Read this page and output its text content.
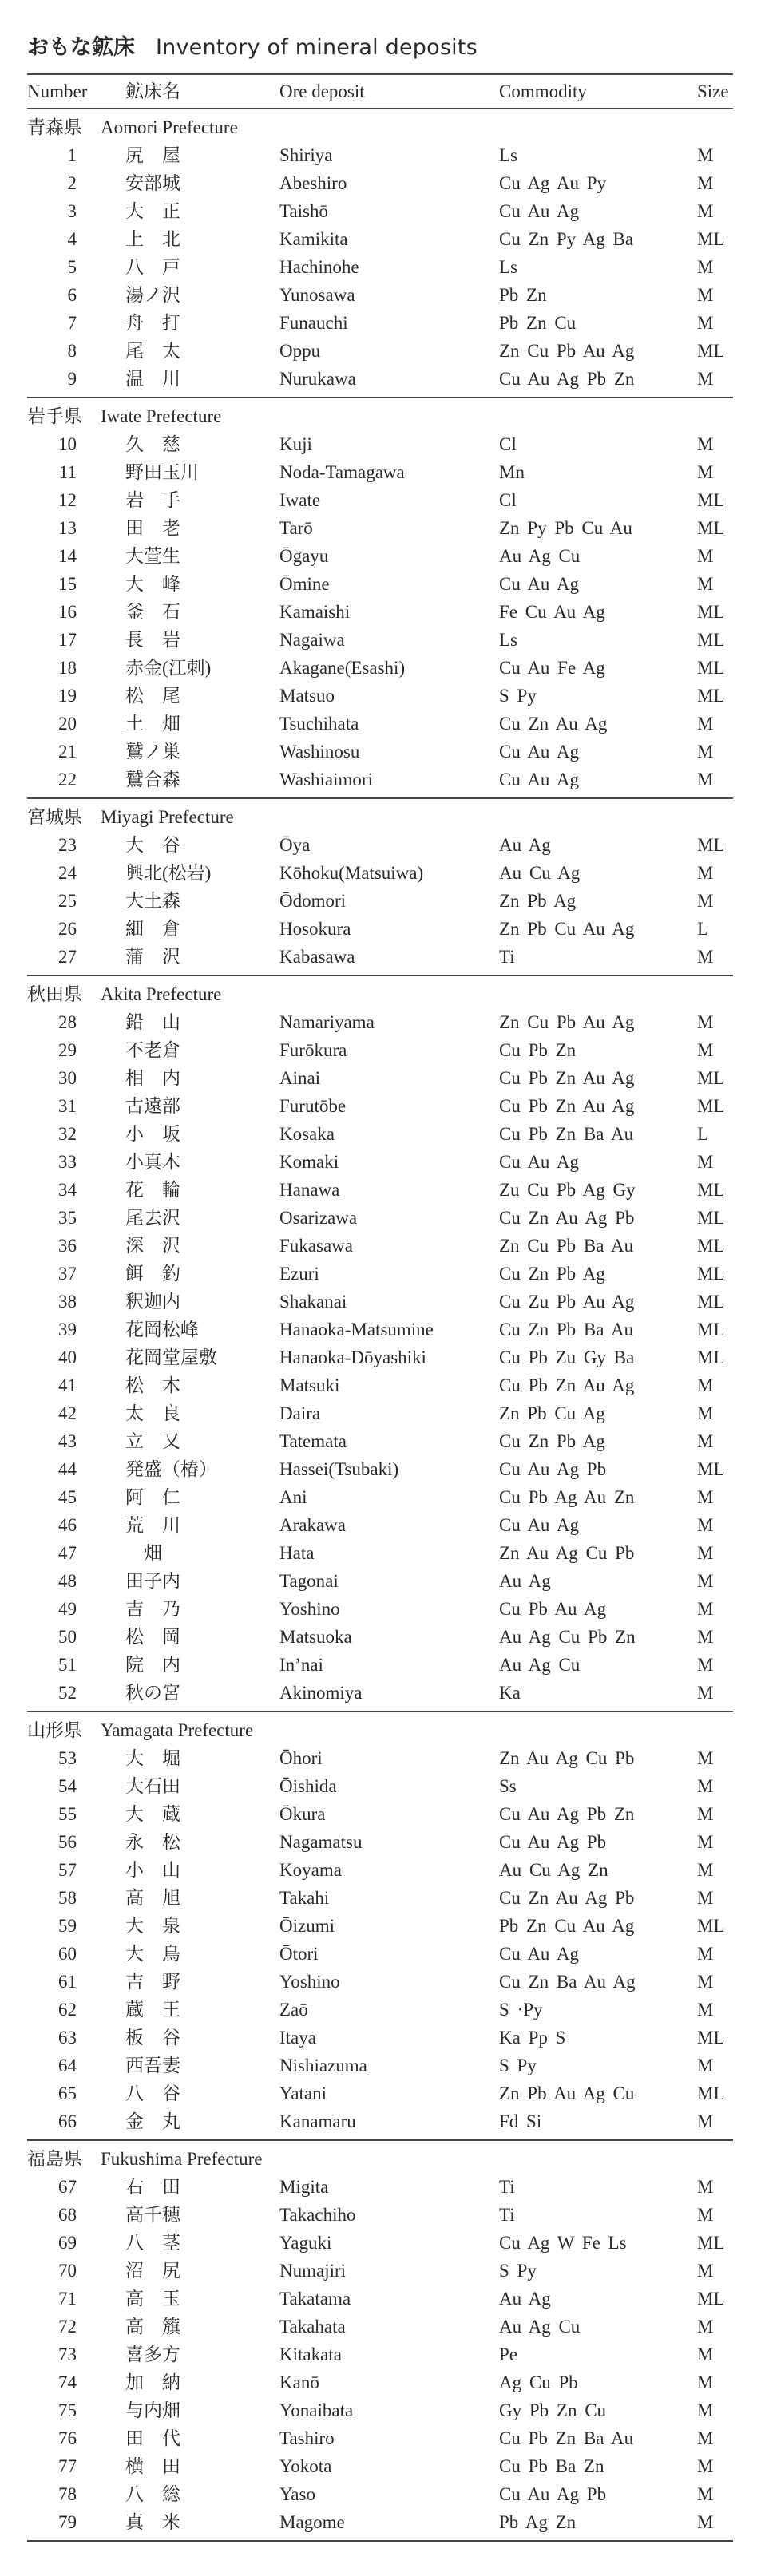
おもな鉱床 Inventory of mineral deposits
Number 鉱床名	Ore deposit	Commodity	Size
青森県 Aomori Prefecture
1	尻　屋	Shiriya	Ls	M
2	安部城	Abeshiro	Cu Ag Au Py	M
3	大　正	Taishō	Cu Au Ag	M
4	上　北	Kamikita	Cu Zn Py Ag Ba	ML
5	八　戸	Hachinohe	Ls	M
6	湯ノ沢	Yunosawa	Pb Zn	M
7	舟　打	Funauchi	Pb Zn Cu	M
8	尾　太	Oppu	Zn Cu Pb Au Ag	ML
9	温　川	Nurukawa	Cu Au Ag Pb Zn	M
岩手県 Iwate Prefecture
10	久　慈	Kuji	Cl	M
11	野田玉川	Noda-Tamagawa	Mn	M
12	岩　手	Iwate	Cl	ML
13	田　老	Tarō	Zn Py Pb Cu Au	ML
14	大萱生	Ōgayu	Au Ag Cu	M
15	大　峰	Ōmine	Cu Au Ag	M
16	釜　石	Kamaishi	Fe Cu Au Ag	ML
17	長　岩	Nagaiwa	Ls	ML
18	赤金(江刺)	Akagane(Esashi)	Cu Au Fe Ag	ML
19	松　尾	Matsuo	S Py	ML
20	土　畑	Tsuchihata	Cu Zn Au Ag	M
21	鷲ノ巣	Washinosu	Cu Au Ag	M
22	鷲合森	Washiaimori	Cu Au Ag	M
宮城県 Miyagi Prefecture
23	大　谷	Ōya	Au Ag	ML
24	興北(松岩)	Kōhoku(Matsuiwa)	Au Cu Ag	M
25	大土森	Ōdomori	Zn Pb Ag	M
26	細　倉	Hosokura	Zn Pb Cu Au Ag	L
27	蒲　沢	Kabasawa	Ti	M
秋田県 Akita Prefecture
28	鉛　山	Namariyama	Zn Cu Pb Au Ag	M
29	不老倉	Furōkura	Cu Pb Zn	M
30	相　内	Ainai	Cu Pb Zn Au Ag	ML
31	古遠部	Furutōbe	Cu Pb Zn Au Ag	ML
32	小　坂	Kosaka	Cu Pb Zn Ba Au	L
33	小真木	Komaki	Cu Au Ag	M
34	花　輪	Hanawa	Zu Cu Pb Ag Gy	ML
35	尾去沢	Osarizawa	Cu Zn Au Ag Pb	ML
36	深　沢	Fukasawa	Zn Cu Pb Ba Au	ML
37	餌　釣	Ezuri	Cu Zn Pb Ag	ML
38	釈迦内	Shakanai	Cu Zu Pb Au Ag	ML
39	花岡松峰	Hanaoka-Matsumine	Cu Zn Pb Ba Au	ML
40	花岡堂屋敷	Hanaoka-Dōyashiki	Cu Pb Zu Gy Ba	ML
41	松　木	Matsuki	Cu Pb Zn Au Ag	M
42	太　良	Daira	Zn Pb Cu Ag	M
43	立　又	Tatemata	Cu Zn Pb Ag	M
44	発盛（椿）	Hassei(Tsubaki)	Cu Au Ag Pb	ML
45	阿　仁	Ani	Cu Pb Ag Au Zn	M
46	荒　川	Arakawa	Cu Au Ag	M
47	　畑	Hata	Zn Au Ag Cu Pb	M
48	田子内	Tagonai	Au Ag	M
49	吉　乃	Yoshino	Cu Pb Au Ag	M
50	松　岡	Matsuoka	Au Ag Cu Pb Zn	M
51	院　内	In’nai	Au Ag Cu	M
52	秋の宮	Akinomiya	Ka	M
山形県 Yamagata Prefecture
53	大　堀	Ōhori	Zn Au Ag Cu Pb	M
54	大石田	Ōishida	Ss	M
55	大　蔵	Ōkura	Cu Au Ag Pb Zn	M
56	永　松	Nagamatsu	Cu Au Ag Pb	M
57	小　山	Koyama	Au Cu Ag Zn	M
58	高　旭	Takahi	Cu Zn Au Ag Pb	M
59	大　泉	Ōizumi	Pb Zn Cu Au Ag	ML
60	大　鳥	Ōtori	Cu Au Ag	M
61	吉　野	Yoshino	Cu Zn Ba Au Ag	M
62	蔵　王	Zaō	S ·Py	M
63	板　谷	Itaya	Ka Pp S	ML
64	西吾妻	Nishiazuma	S Py	M
65	八　谷	Yatani	Zn Pb Au Ag Cu	ML
66	金　丸	Kanamaru	Fd Si	M
福島県 Fukushima Prefecture
67	右　田	Migita	Ti	M
68	高千穂	Takachiho	Ti	M
69	八　茎	Yaguki	Cu Ag W Fe Ls	ML
70	沼　尻	Numajiri	S Py	M
71	高　玉	Takatama	Au Ag	ML
72	高　籏	Takahata	Au Ag Cu	M
73	喜多方	Kitakata	Pe	M
74	加　納	Kanō	Ag Cu Pb	M
75	与内畑	Yonaibata	Gy Pb Zn Cu	M
76	田　代	Tashiro	Cu Pb Zn Ba Au	M
77	横　田	Yokota	Cu Pb Ba Zn	M
78	八　総	Yaso	Cu Au Ag Pb	M
79	真　米	Magome	Pb Ag Zn	M
